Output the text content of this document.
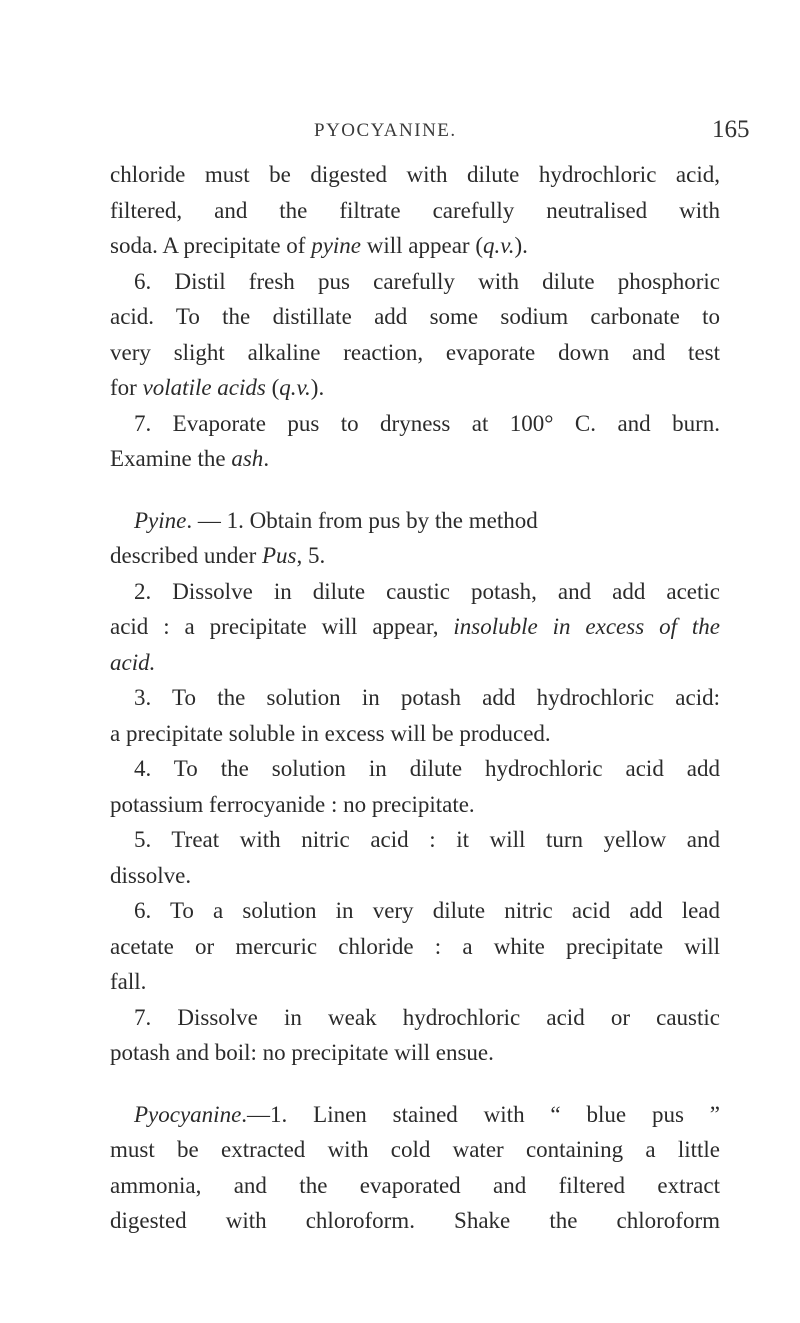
PYOCYANINE.	165
chloride must be digested with dilute hydrochloric acid,
filtered, and the filtrate carefully neutralised with
soda. A precipitate of pyine will appear (q.v.).
6. Distil fresh pus carefully with dilute phosphoric
acid. To the distillate add some sodium carbonate to
very slight alkaline reaction, evaporate down and test
for volatile acids (q.v.).
7. Evaporate pus to dryness at 100° C. and burn.
Examine the ash.
Pyine. — 1. Obtain from pus by the method
described under Pus, 5.
2. Dissolve in dilute caustic potash, and add acetic
acid : a precipitate will appear, insoluble in excess of the
acid.
3. To the solution in potash add hydrochloric acid:
a precipitate soluble in excess will be produced.
4. To the solution in dilute hydrochloric acid add
potassium ferrocyanide : no precipitate.
5. Treat with nitric acid : it will turn yellow and
dissolve.
6. To a solution in very dilute nitric acid add lead
acetate or mercuric chloride : a white precipitate will
fall.
7. Dissolve in weak hydrochloric acid or caustic
potash and boil: no precipitate will ensue.
Pyocyanine.—1. Linen stained with “ blue pus ”
must be extracted with cold water containing a little
ammonia, and the evaporated and filtered extract
digested with chloroform. Shake the chloroform
